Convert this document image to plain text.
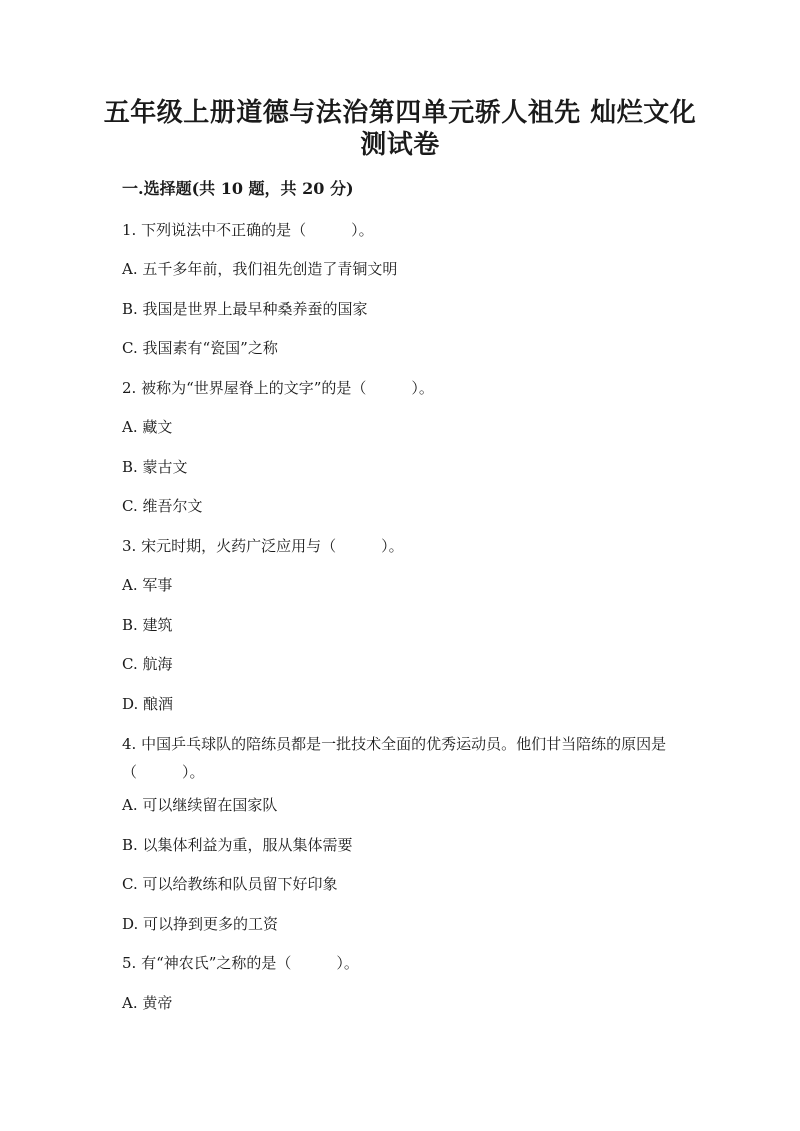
五年级上册道德与法治第四单元骄人祖先 灿烂文化
测试卷
一.选择题(共 10 题，共 20 分)
1. 下列说法中不正确的是（　　　）。
A. 五千多年前，我们祖先创造了青铜文明
B. 我国是世界上最早种桑养蚕的国家
C. 我国素有“瓷国”之称
2. 被称为“世界屋脊上的文字”的是（　　　）。
A. 藏文
B. 蒙古文
C. 维吾尔文
3. 宋元时期，火药广泛应用与（　　　）。
A. 军事
B. 建筑
C. 航海
D. 酿酒
4. 中国乒乓球队的陪练员都是一批技术全面的优秀运动员。他们甘当陪练的原因是（　　　）。
A. 可以继续留在国家队
B. 以集体利益为重，服从集体需要
C. 可以给教练和队员留下好印象
D. 可以挣到更多的工资
5. 有“神农氏”之称的是（　　　）。
A. 黄帝
